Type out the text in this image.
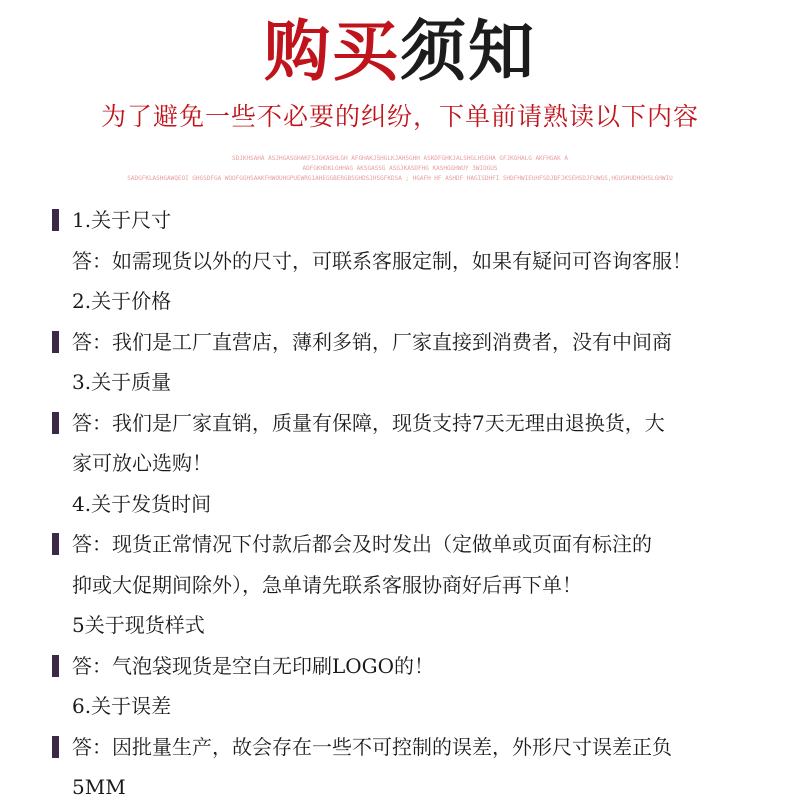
购买须知
为了避免一些不必要的纠纷，下单前请熟读以下内容
SDJKHSAHA ASJHGASGHAKFSJGKASHLGH AFGHAKJSHGLKJAHSGHH ASKDFGHKJALSHGLHSGHA GFJKGHALG AKFHGAK A
ADFGKHDKLGHHAG AKSGASSG ASGJKASDFHG KASHGGHWUY 3WIOGUS
SADGFKLASHGAWQEOI GHGSDFGA WOOFGGHSAAKFHWOUHGPUEWRG1AHEGGBERGBSGHDSJHSGFKDSA ; HGAFH HF ASHDF HAGISDHFI SHDFHWIEUHFSDJBFJKSEHSDJFUWGS,HGUSHUDHGHSLGHWIU
1.关于尺寸
答：如需现货以外的尺寸，可联系客服定制，如果有疑问可咨询客服！
2.关于价格
答：我们是工厂直营店，薄利多销，厂家直接到消费者，没有中间商
3.关于质量
答：我们是厂家直销，质量有保障，现货支持7天无理由退换货，大
家可放心选购！
4.关于发货时间
答：现货正常情况下付款后都会及时发出（定做单或页面有标注的
抑或大促期间除外），急单请先联系客服协商好后再下单！
5关于现货样式
答：气泡袋现货是空白无印刷LOGO的！
6.关于误差
答：因批量生产，故会存在一些不可控制的误差，外形尺寸误差正负
5MM
